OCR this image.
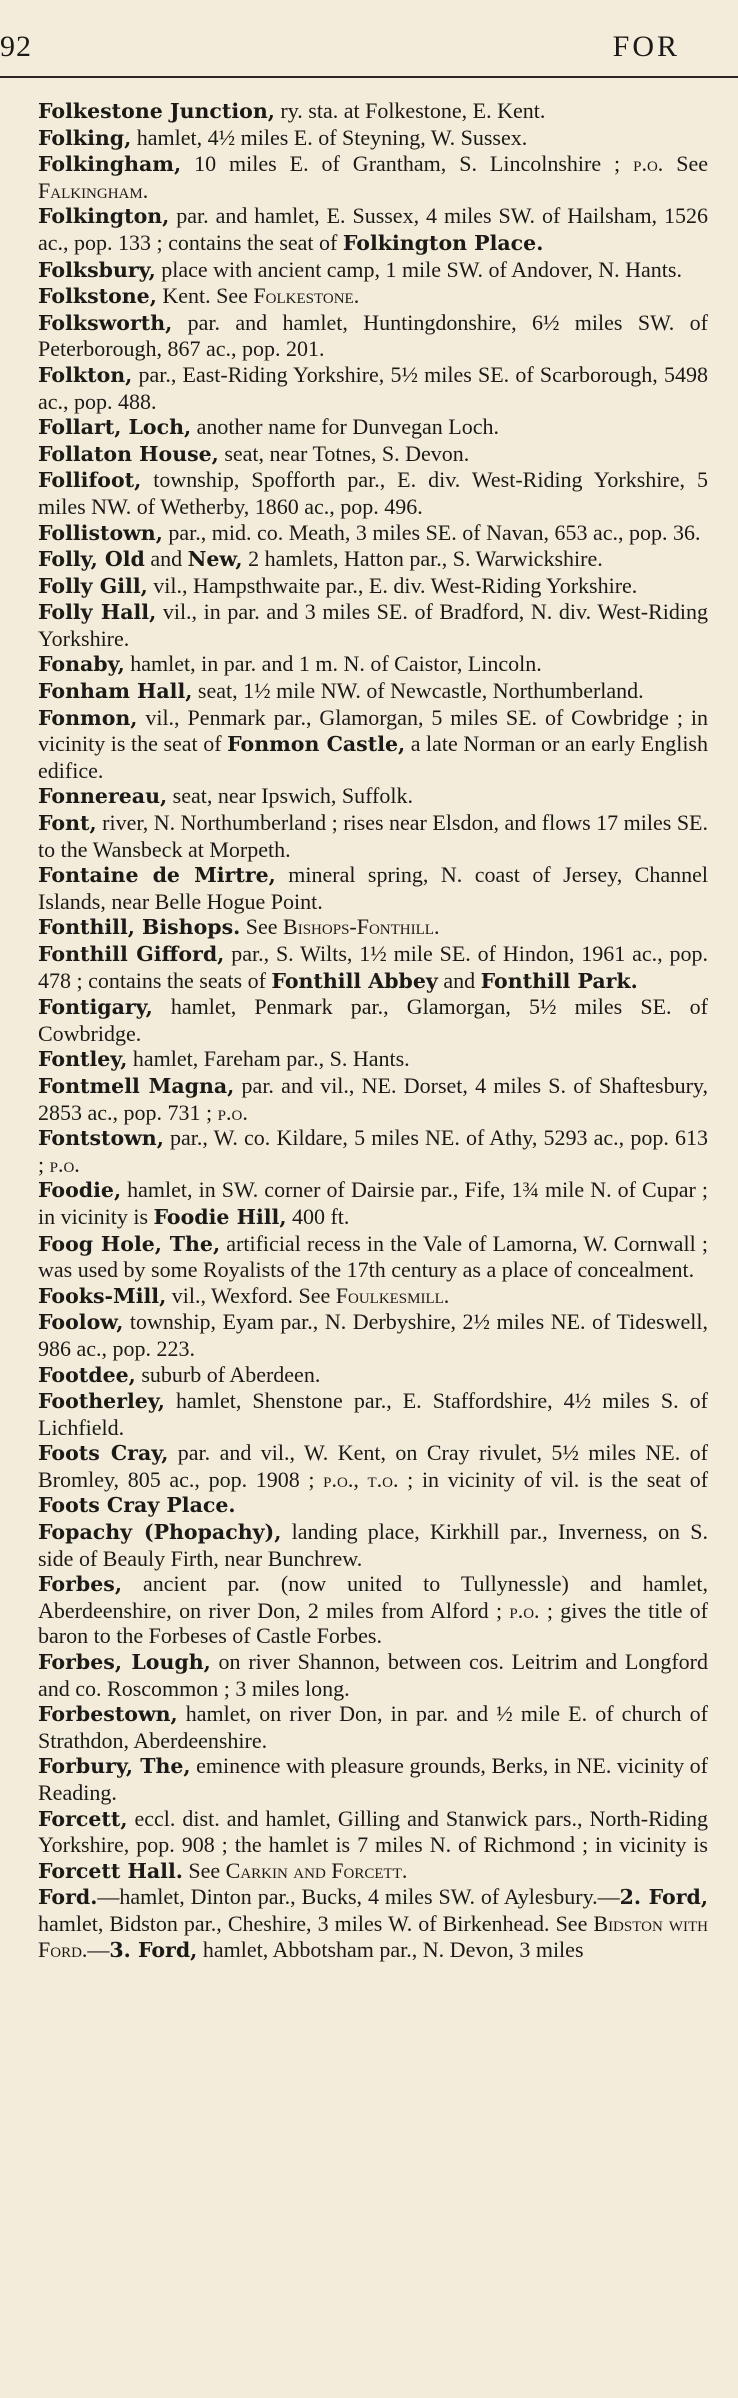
92	FOR

Folkestone Junction, ry. sta. at Folkestone, E. Kent.

Folking, hamlet, 4½ miles E. of Steyning, W. Sussex.

Folkingham, 10 miles E. of Grantham, S. Lincolnshire ; p.o. See Falkingham.

Folkington, par. and hamlet, E. Sussex, 4 miles SW. of Hailsham, 1526 ac., pop. 133 ; contains the seat of Folkington Place.

Folksbury, place with ancient camp, 1 mile SW. of Andover, N. Hants.

Folkstone, Kent. See Folkestone.

Folksworth, par. and hamlet, Huntingdonshire, 6½ miles SW. of Peterborough, 867 ac., pop. 201.

Folkton, par., East-Riding Yorkshire, 5½ miles SE. of Scarborough, 5498 ac., pop. 488.

Follart, Loch, another name for Dunvegan Loch.

Follaton House, seat, near Totnes, S. Devon.

Follifoot, township, Spofforth par., E. div. West-Riding Yorkshire, 5 miles NW. of Wetherby, 1860 ac., pop. 496.

Follistown, par., mid. co. Meath, 3 miles SE. of Navan, 653 ac., pop. 36.

Folly, Old and New, 2 hamlets, Hatton par., S. Warwickshire.

Folly Gill, vil., Hampsthwaite par., E. div. West-Riding Yorkshire.

Folly Hall, vil., in par. and 3 miles SE. of Bradford, N. div. West-Riding Yorkshire.

Fonaby, hamlet, in par. and 1 m. N. of Caistor, Lincoln.

Fonham Hall, seat, 1½ mile NW. of Newcastle, Northumberland.

Fonmon, vil., Penmark par., Glamorgan, 5 miles SE. of Cowbridge ; in vicinity is the seat of Fonmon Castle, a late Norman or an early English edifice.

Fonnereau, seat, near Ipswich, Suffolk.

Font, river, N. Northumberland ; rises near Elsdon, and flows 17 miles SE. to the Wansbeck at Morpeth.

Fontaine de Mirtre, mineral spring, N. coast of Jersey, Channel Islands, near Belle Hogue Point.

Fonthill, Bishops. See Bishops-Fonthill.

Fonthill Gifford, par., S. Wilts, 1½ mile SE. of Hindon, 1961 ac., pop. 478 ; contains the seats of Fonthill Abbey and Fonthill Park.

Fontigary, hamlet, Penmark par., Glamorgan, 5½ miles SE. of Cowbridge.

Fontley, hamlet, Fareham par., S. Hants.

Fontmell Magna, par. and vil., NE. Dorset, 4 miles S. of Shaftesbury, 2853 ac., pop. 731 ; p.o.

Fontstown, par., W. co. Kildare, 5 miles NE. of Athy, 5293 ac., pop. 613 ; p.o.

Foodie, hamlet, in SW. corner of Dairsie par., Fife, 1¾ mile N. of Cupar ; in vicinity is Foodie Hill, 400 ft.

Foog Hole, The, artificial recess in the Vale of Lamorna, W. Cornwall ; was used by some Royalists of the 17th century as a place of concealment.

Fooks-Mill, vil., Wexford. See Foulkesmill.

Foolow, township, Eyam par., N. Derbyshire, 2½ miles NE. of Tideswell, 986 ac., pop. 223.

Footdee, suburb of Aberdeen.

Footherley, hamlet, Shenstone par., E. Staffordshire, 4½ miles S. of Lichfield.

Foots Cray, par. and vil., W. Kent, on Cray rivulet, 5½ miles NE. of Bromley, 805 ac., pop. 1908 ; p.o., t.o. ; in vicinity of vil. is the seat of Foots Cray Place.

Fopachy (Phopachy), landing place, Kirkhill par., Inverness, on S. side of Beauly Firth, near Bunchrew.

Forbes, ancient par. (now united to Tullynessle) and hamlet, Aberdeenshire, on river Don, 2 miles from Alford ; p.o. ; gives the title of baron to the Forbeses of Castle Forbes.

Forbes, Lough, on river Shannon, between cos. Leitrim and Longford and co. Roscommon ; 3 miles long.

Forbestown, hamlet, on river Don, in par. and ½ mile E. of church of Strathdon, Aberdeenshire.

Forbury, The, eminence with pleasure grounds, Berks, in NE. vicinity of Reading.

Forcett, eccl. dist. and hamlet, Gilling and Stanwick pars., North-Riding Yorkshire, pop. 908 ; the hamlet is 7 miles N. of Richmond ; in vicinity is Forcett Hall. See Carkin and Forcett.

Ford.—hamlet, Dinton par., Bucks, 4 miles SW. of Aylesbury.—2. Ford, hamlet, Bidston par., Cheshire, 3 miles W. of Birkenhead. See Bidston with Ford.—3. Ford, hamlet, Abbotsham par., N. Devon, 3 miles
